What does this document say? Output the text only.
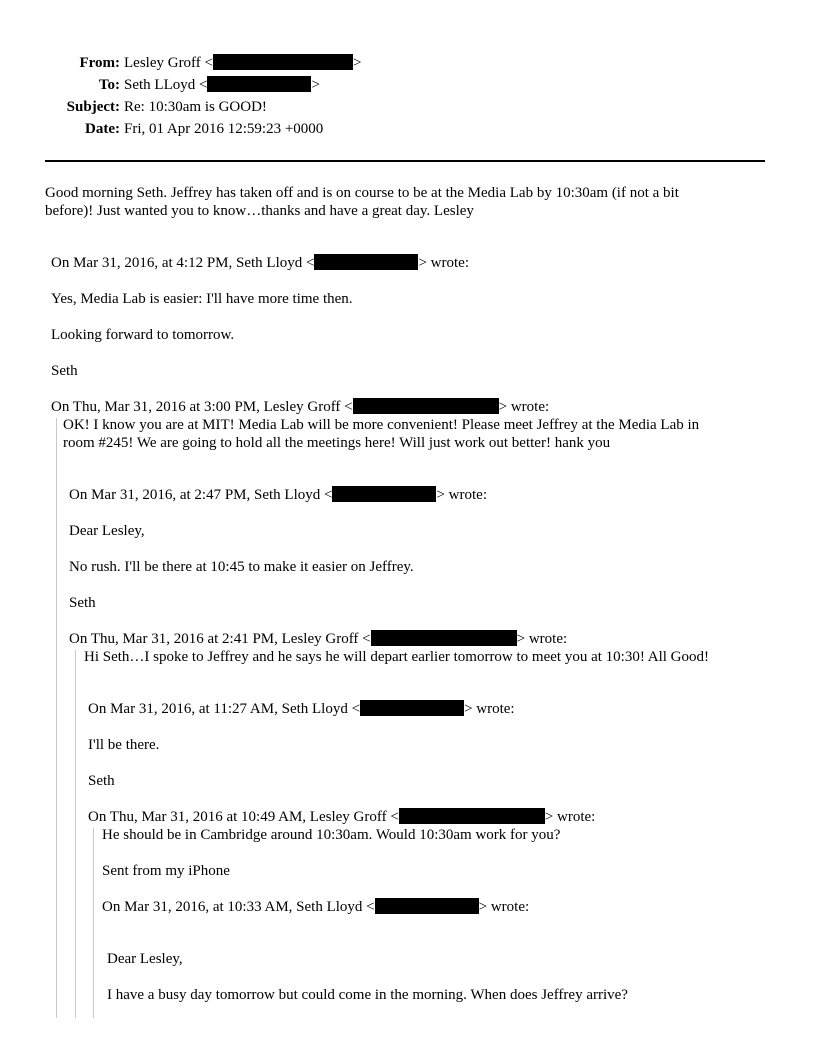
From: Lesley Groff <	>
To: Seth LLoyd <	>
Subject: Re: 10:30am is GOOD!
Date: Fri, 01 Apr 2016 12:59:23 +0000
Good morning Seth. Jeffrey has taken off and is on course to be at the Media Lab by 10:30am (if not a bit
before)! Just wanted you to know…thanks and have a great day. Lesley
On Mar 31, 2016, at 4:12 PM, Seth Lloyd <	> wrote:
Yes, Media Lab is easier: I'll have more time then.
Looking forward to tomorrow.
Seth
On Thu, Mar 31, 2016 at 3:00 PM, Lesley Groff <	> wrote:
OK! I know you are at MIT! Media Lab will be more convenient! Please meet Jeffrey at the Media Lab in
room #245! We are going to hold all the meetings here! Will just work out better! hank you
On Mar 31, 2016, at 2:47 PM, Seth Lloyd <	> wrote:
Dear Lesley,
No rush. I'll be there at 10:45 to make it easier on Jeffrey.
Seth
On Thu, Mar 31, 2016 at 2:41 PM, Lesley Groff <	> wrote:
Hi Seth…I spoke to Jeffrey and he says he will depart earlier tomorrow to meet you at 10:30! All Good!
On Mar 31, 2016, at 11:27 AM, Seth Lloyd <	> wrote:
I'll be there.
Seth
On Thu, Mar 31, 2016 at 10:49 AM, Lesley Groff <	> wrote:
He should be in Cambridge around 10:30am. Would 10:30am work for you?
Sent from my iPhone
On Mar 31, 2016, at 10:33 AM, Seth Lloyd <	> wrote:
Dear Lesley,
I have a busy day tomorrow but could come in the morning. When does Jeffrey arrive?
